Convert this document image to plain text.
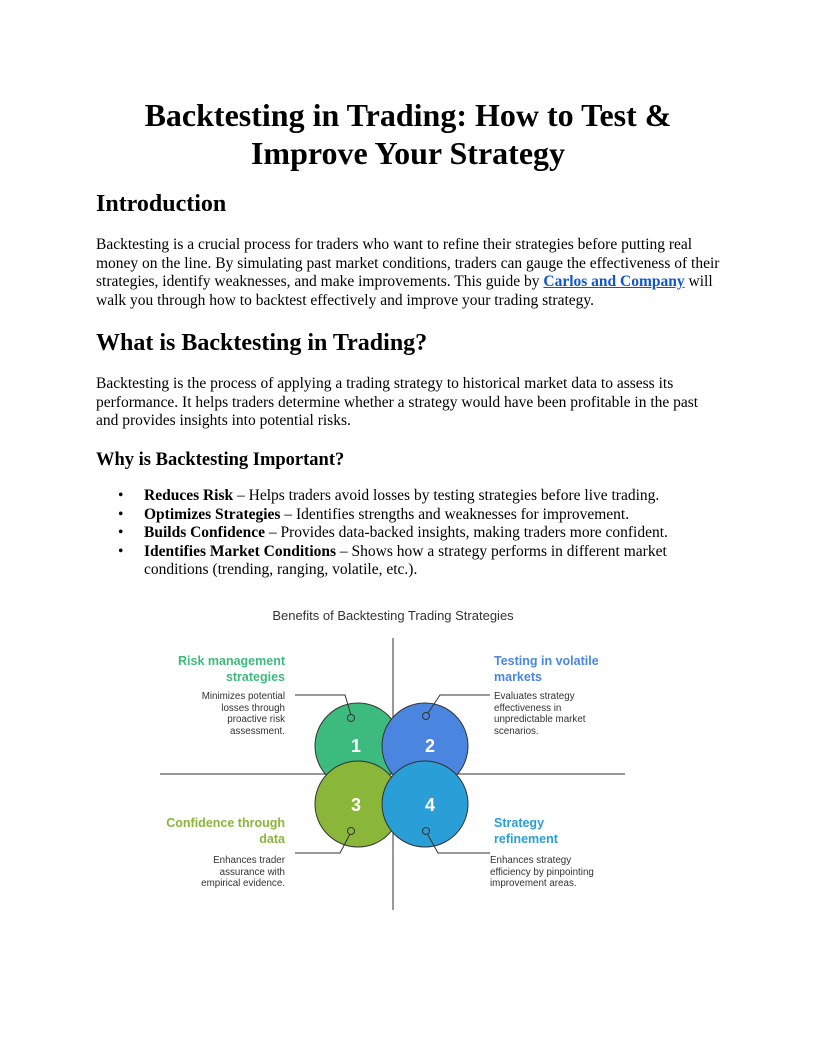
Backtesting in Trading: How to Test & Improve Your Strategy
Introduction

Backtesting is a crucial process for traders who want to refine their strategies before putting real money on the line. By simulating past market conditions, traders can gauge the effectiveness of their strategies, identify weaknesses, and make improvements. This guide by Carlos and Company will walk you through how to backtest effectively and improve your trading strategy.

What is Backtesting in Trading?

Backtesting is the process of applying a trading strategy to historical market data to assess its performance. It helps traders determine whether a strategy would have been profitable in the past and provides insights into potential risks.

Why is Backtesting Important?
• Reduces Risk – Helps traders avoid losses by testing strategies before live trading.
• Optimizes Strategies – Identifies strengths and weaknesses for improvement.
• Builds Confidence – Provides data-backed insights, making traders more confident.
• Identifies Market Conditions – Shows how a strategy performs in different market conditions (trending, ranging, volatile, etc.).
Benefits of Backtesting Trading Strategies
1	2
3	4
Risk management strategies
Minimizes potential losses through proactive risk assessment.
Testing in volatile markets
Evaluates strategy effectiveness in unpredictable market scenarios.
Confidence through data
Enhances trader assurance with empirical evidence.
Strategy refinement
Enhances strategy efficiency by pinpointing improvement areas.
